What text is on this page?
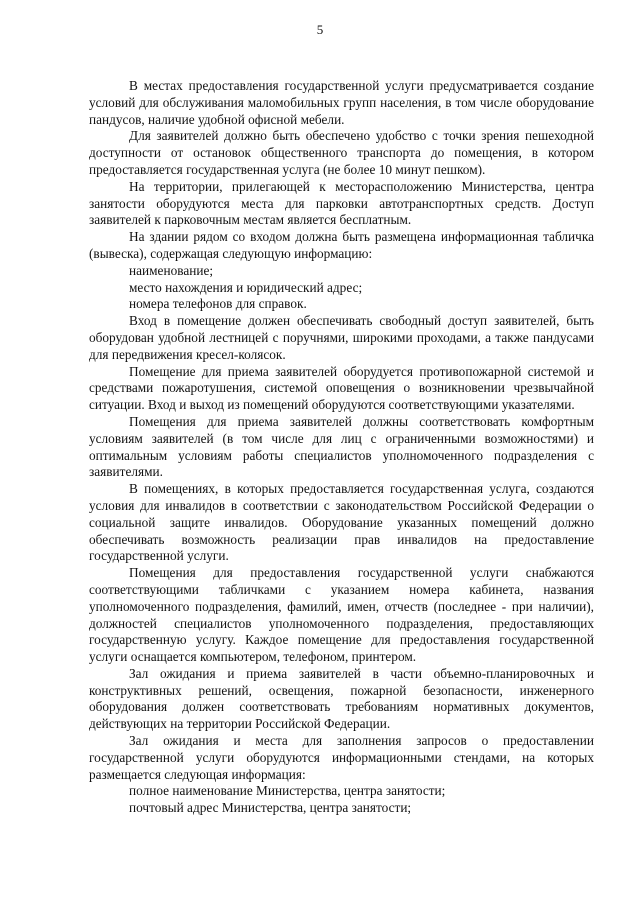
5

В местах предоставления государственной услуги предусматривается создание условий для обслуживания маломобильных групп населения, в том числе оборудование пандусов, наличие удобной офисной мебели.

Для заявителей должно быть обеспечено удобство с точки зрения пешеходной доступности от остановок общественного транспорта до помещения, в котором предоставляется государственная услуга (не более 10 минут пешком).

На территории, прилегающей к месторасположению Министерства, центра занятости оборудуются места для парковки автотранспортных средств. Доступ заявителей к парковочным местам является бесплатным.

На здании рядом со входом должна быть размещена информационная табличка (вывеска), содержащая следующую информацию:

наименование;

место нахождения и юридический адрес;

номера телефонов для справок.

Вход в помещение должен обеспечивать свободный доступ заявителей, быть оборудован удобной лестницей с поручнями, широкими проходами, а также пандусами для передвижения кресел-колясок.

Помещение для приема заявителей оборудуется противопожарной системой и средствами пожаротушения, системой оповещения о возникновении чрезвычайной ситуации. Вход и выход из помещений оборудуются соответствующими указателями.

Помещения для приема заявителей должны соответствовать комфортным условиям заявителей (в том числе для лиц с ограниченными возможностями) и оптимальным условиям работы специалистов уполномоченного подразделения с заявителями.

В помещениях, в которых предоставляется государственная услуга, создаются условия для инвалидов в соответствии с законодательством Российской Федерации о социальной защите инвалидов. Оборудование указанных помещений должно обеспечивать возможность реализации прав инвалидов на предоставление государственной услуги.

Помещения для предоставления государственной услуги снабжаются соответствующими табличками с указанием номера кабинета, названия уполномоченного подразделения, фамилий, имен, отчеств (последнее - при наличии), должностей специалистов уполномоченного подразделения, предоставляющих государственную услугу. Каждое помещение для предоставления государственной услуги оснащается компьютером, телефоном, принтером.

Зал ожидания и приема заявителей в части объемно-планировочных и конструктивных решений, освещения, пожарной безопасности, инженерного оборудования должен соответствовать требованиям нормативных документов, действующих на территории Российской Федерации.

Зал ожидания и места для заполнения запросов о предоставлении государственной услуги оборудуются информационными стендами, на которых размещается следующая информация:

полное наименование Министерства, центра занятости;

почтовый адрес Министерства, центра занятости;
